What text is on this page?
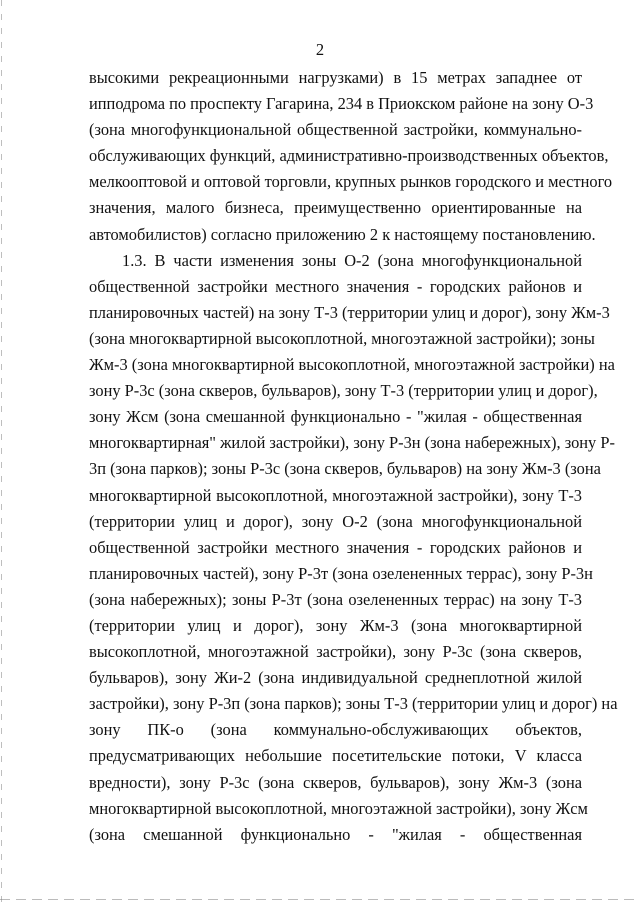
2
высокими рекреационными нагрузками) в 15 метрах западнее от
ипподрома по проспекту Гагарина, 234 в Приокском районе на зону О-3
(зона многофункциональной общественной застройки, коммунально-
обслуживающих функций, административно-производственных объектов,
мелкооптовой и оптовой торговли, крупных рынков городского и местного
значения, малого бизнеса, преимущественно ориентированные на
автомобилистов) согласно приложению 2 к настоящему постановлению.
1.3. В части изменения зоны О-2 (зона многофункциональной
общественной застройки местного значения - городских районов и
планировочных частей) на зону Т-3 (территории улиц и дорог), зону Жм-3
(зона многоквартирной высокоплотной, многоэтажной застройки); зоны
Жм-3 (зона многоквартирной высокоплотной, многоэтажной застройки) на
зону Р-3с (зона скверов, бульваров), зону Т-3 (территории улиц и дорог),
зону Жсм (зона смешанной функционально - "жилая - общественная
многоквартирная" жилой застройки), зону Р-3н (зона набережных), зону Р-
3п (зона парков); зоны Р-3с (зона скверов, бульваров) на зону Жм-3 (зона
многоквартирной высокоплотной, многоэтажной застройки), зону Т-3
(территории улиц и дорог), зону О-2 (зона многофункциональной
общественной застройки местного значения - городских районов и
планировочных частей), зону Р-3т (зона озелененных террас), зону Р-3н
(зона набережных); зоны Р-3т (зона озелененных террас) на зону Т-3
(территории улиц и дорог), зону Жм-3 (зона многоквартирной
высокоплотной, многоэтажной застройки), зону Р-3с (зона скверов,
бульваров), зону Жи-2 (зона индивидуальной среднеплотной жилой
застройки), зону Р-3п (зона парков); зоны Т-3 (территории улиц и дорог) на
зону ПК-о (зона коммунально-обслуживающих объектов,
предусматривающих небольшие посетительские потоки, V класса
вредности), зону Р-3с (зона скверов, бульваров), зону Жм-3 (зона
многоквартирной высокоплотной, многоэтажной застройки), зону Жсм
(зона смешанной функционально - "жилая - общественная
